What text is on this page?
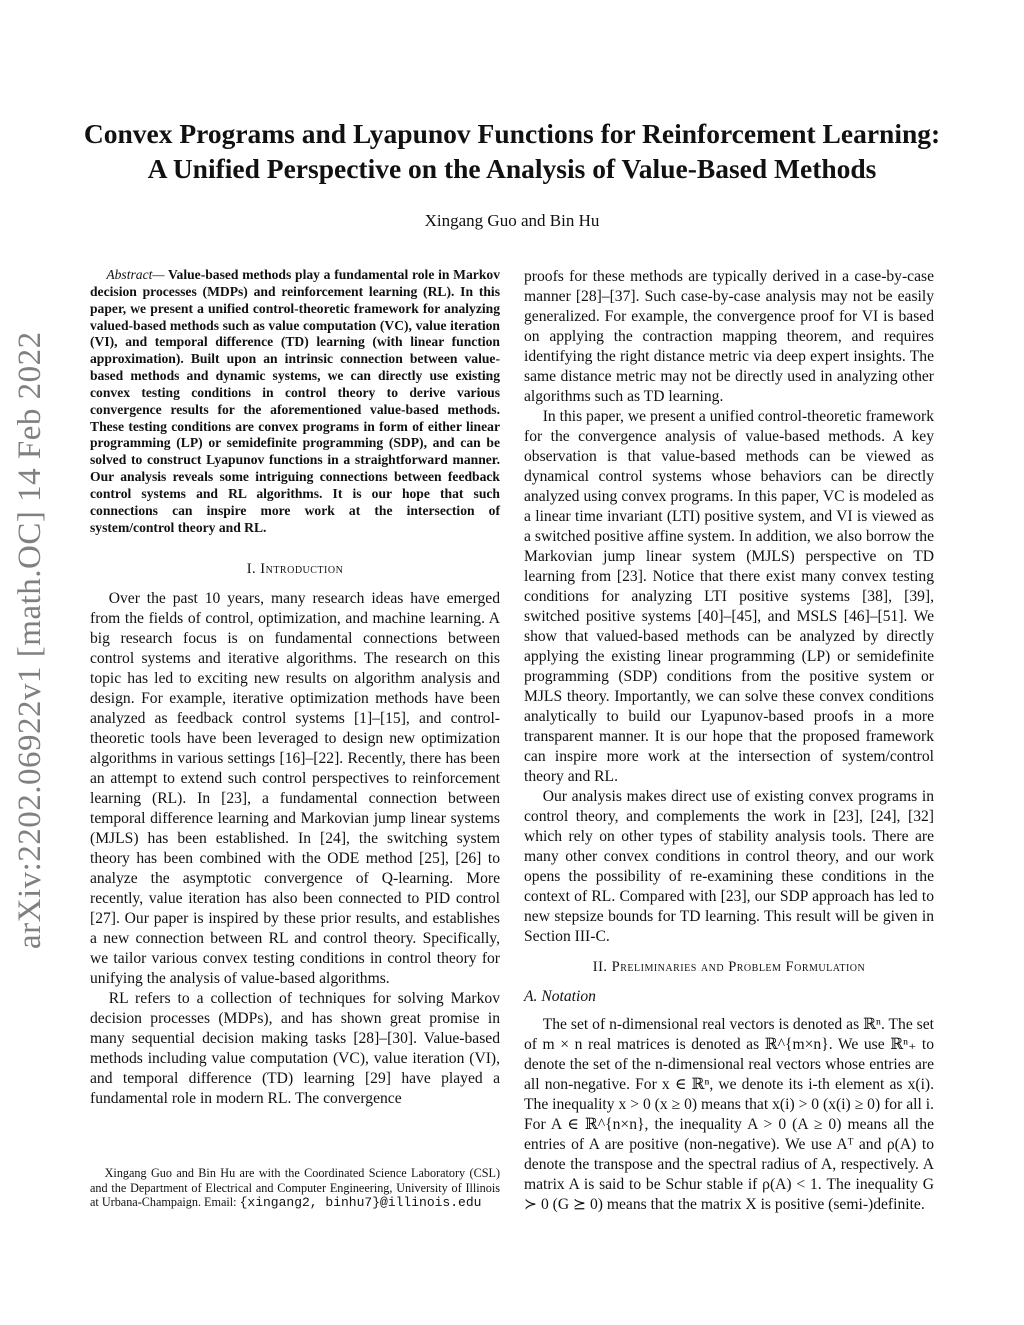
arXiv:2202.06922v1 [math.OC] 14 Feb 2022
Convex Programs and Lyapunov Functions for Reinforcement Learning:
A Unified Perspective on the Analysis of Value-Based Methods
Xingang Guo and Bin Hu

Abstract— Value-based methods play a fundamental role in Markov decision processes (MDPs) and reinforcement learning (RL). In this paper, we present a unified control-theoretic framework for analyzing valued-based methods such as value computation (VC), value iteration (VI), and temporal difference (TD) learning (with linear function approximation). Built upon an intrinsic connection between value-based methods and dynamic systems, we can directly use existing convex testing conditions in control theory to derive various convergence results for the aforementioned value-based methods. These testing conditions are convex programs in form of either linear programming (LP) or semidefinite programming (SDP), and can be solved to construct Lyapunov functions in a straightforward manner. Our analysis reveals some intriguing connections between feedback control systems and RL algorithms. It is our hope that such connections can inspire more work at the intersection of system/control theory and RL.

I. Introduction

Over the past 10 years, many research ideas have emerged from the fields of control, optimization, and machine learning. A big research focus is on fundamental connections between control systems and iterative algorithms. The research on this topic has led to exciting new results on algorithm analysis and design. For example, iterative optimization methods have been analyzed as feedback control systems [1]–[15], and control-theoretic tools have been leveraged to design new optimization algorithms in various settings [16]–[22]. Recently, there has been an attempt to extend such control perspectives to reinforcement learning (RL). In [23], a fundamental connection between temporal difference learning and Markovian jump linear systems (MJLS) has been established. In [24], the switching system theory has been combined with the ODE method [25], [26] to analyze the asymptotic convergence of Q-learning. More recently, value iteration has also been connected to PID control [27]. Our paper is inspired by these prior results, and establishes a new connection between RL and control theory. Specifically, we tailor various convex testing conditions in control theory for unifying the analysis of value-based algorithms.

RL refers to a collection of techniques for solving Markov decision processes (MDPs), and has shown great promise in many sequential decision making tasks [28]–[30]. Value-based methods including value computation (VC), value iteration (VI), and temporal difference (TD) learning [29] have played a fundamental role in modern RL. The convergence

Xingang Guo and Bin Hu are with the Coordinated Science Laboratory (CSL) and the Department of Electrical and Computer Engineering, University of Illinois at Urbana-Champaign. Email: {xingang2, binhu7}@illinois.edu

proofs for these methods are typically derived in a case-by-case manner [28]–[37]. Such case-by-case analysis may not be easily generalized. For example, the convergence proof for VI is based on applying the contraction mapping theorem, and requires identifying the right distance metric via deep expert insights. The same distance metric may not be directly used in analyzing other algorithms such as TD learning.

In this paper, we present a unified control-theoretic framework for the convergence analysis of value-based methods. A key observation is that value-based methods can be viewed as dynamical control systems whose behaviors can be directly analyzed using convex programs. In this paper, VC is modeled as a linear time invariant (LTI) positive system, and VI is viewed as a switched positive affine system. In addition, we also borrow the Markovian jump linear system (MJLS) perspective on TD learning from [23]. Notice that there exist many convex testing conditions for analyzing LTI positive systems [38], [39], switched positive systems [40]–[45], and MSLS [46]–[51]. We show that valued-based methods can be analyzed by directly applying the existing linear programming (LP) or semidefinite programming (SDP) conditions from the positive system or MJLS theory. Importantly, we can solve these convex conditions analytically to build our Lyapunov-based proofs in a more transparent manner. It is our hope that the proposed framework can inspire more work at the intersection of system/control theory and RL.

Our analysis makes direct use of existing convex programs in control theory, and complements the work in [23], [24], [32] which rely on other types of stability analysis tools. There are many other convex conditions in control theory, and our work opens the possibility of re-examining these conditions in the context of RL. Compared with [23], our SDP approach has led to new stepsize bounds for TD learning. This result will be given in Section III-C.

II. Preliminaries and Problem Formulation
A. Notation

The set of n-dimensional real vectors is denoted as ℝⁿ. The set of m × n real matrices is denoted as ℝ^{m×n}. We use ℝⁿ₊ to denote the set of the n-dimensional real vectors whose entries are all non-negative. For x ∈ ℝⁿ, we denote its i-th element as x(i). The inequality x > 0 (x ≥ 0) means that x(i) > 0 (x(i) ≥ 0) for all i. For A ∈ ℝ^{n×n}, the inequality A > 0 (A ≥ 0) means all the entries of A are positive (non-negative). We use Aᵀ and ρ(A) to denote the transpose and the spectral radius of A, respectively. A matrix A is said to be Schur stable if ρ(A) < 1. The inequality G ≻ 0 (G ⪰ 0) means that the matrix X is positive (semi-)definite.
